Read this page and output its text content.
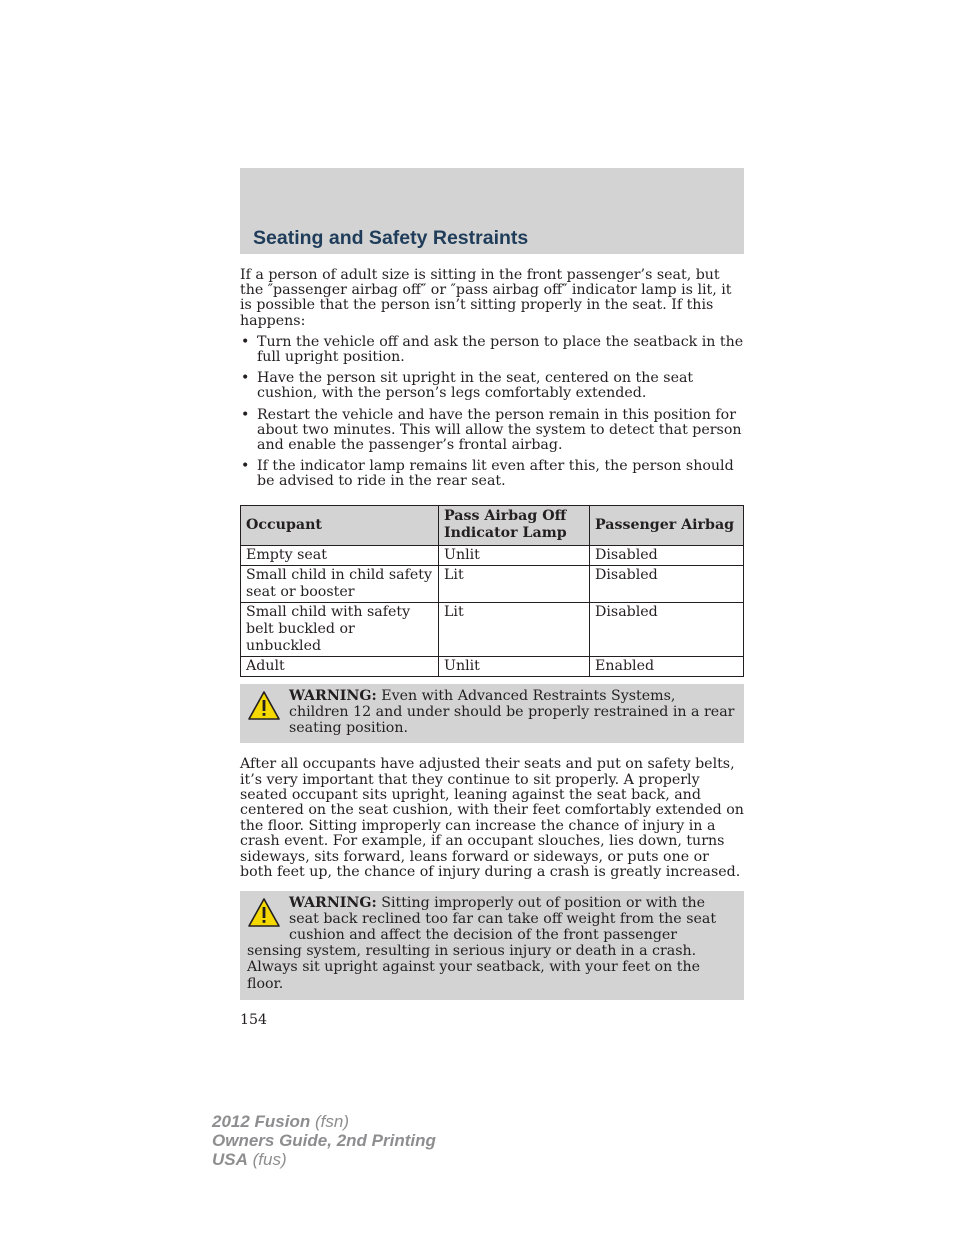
Seating and Safety Restraints

If a person of adult size is sitting in the front passenger’s seat, but the ″passenger airbag off″ or ″pass airbag off″ indicator lamp is lit, it is possible that the person isn’t sitting properly in the seat. If this happens:

• Turn the vehicle off and ask the person to place the seatback in the full upright position.
• Have the person sit upright in the seat, centered on the seat cushion, with the person’s legs comfortably extended.
• Restart the vehicle and have the person remain in this position for about two minutes. This will allow the system to detect that person and enable the passenger’s frontal airbag.
• If the indicator lamp remains lit even after this, the person should be advised to ride in the rear seat.
Occupant	Pass Airbag Off Indicator Lamp	Passenger Airbag
Empty seat	Unlit	Disabled
Small child in child safety seat or booster	Lit	Disabled
Small child with safety belt buckled or unbuckled	Lit	Disabled
Adult	Unlit	Enabled
WARNING: Even with Advanced Restraints Systems, children 12 and under should be properly restrained in a rear seating position.

After all occupants have adjusted their seats and put on safety belts, it’s very important that they continue to sit properly. A properly seated occupant sits upright, leaning against the seat back, and centered on the seat cushion, with their feet comfortably extended on the floor. Sitting improperly can increase the chance of injury in a crash event. For example, if an occupant slouches, lies down, turns sideways, sits forward, leans forward or sideways, or puts one or both feet up, the chance of injury during a crash is greatly increased.

WARNING: Sitting improperly out of position or with the seat back reclined too far can take off weight from the seat cushion and affect the decision of the front passenger sensing system, resulting in serious injury or death in a crash.
Always sit upright against your seatback, with your feet on the floor.

154

2012 Fusion (fsn)
Owners Guide, 2nd Printing
USA (fus)
